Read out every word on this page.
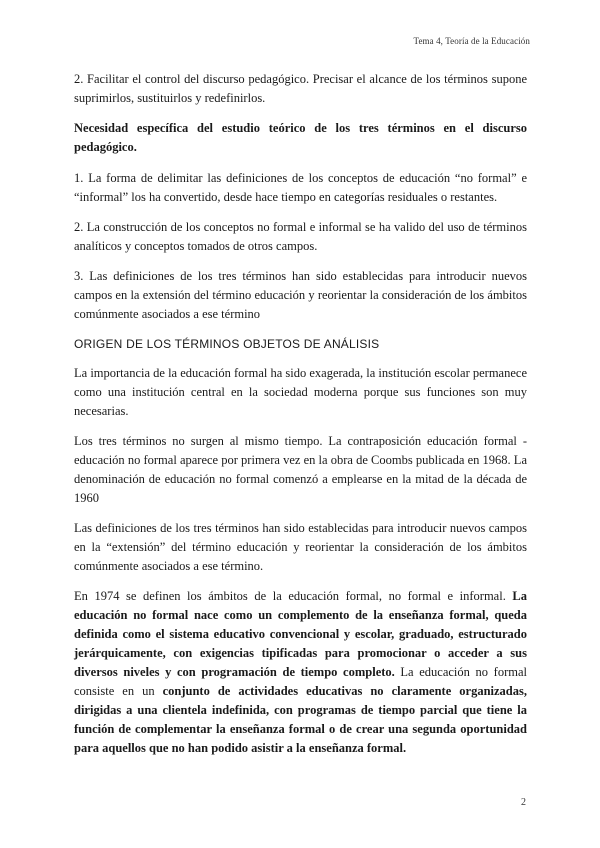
Tema 4, Teoría de la Educación

2. Facilitar el control del discurso pedagógico. Precisar el alcance de los términos supone suprimirlos, sustituirlos y redefinirlos.

Necesidad específica del estudio teórico de los tres términos en el discurso pedagógico.

1. La forma de delimitar las definiciones de los conceptos de educación “no formal” e “informal” los ha convertido, desde hace tiempo en categorías residuales o restantes.

2. La construcción de los conceptos no formal e informal se ha valido del uso de términos analíticos y conceptos tomados de otros campos.

3. Las definiciones de los tres términos han sido establecidas para introducir nuevos campos en la extensión del término educación y reorientar la consideración de los ámbitos comúnmente asociados a ese término

ORIGEN DE LOS TÉRMINOS OBJETOS DE ANÁLISIS

La importancia de la educación formal ha sido exagerada, la institución escolar permanece como una institución central en la sociedad moderna porque sus funciones son muy necesarias.

Los tres términos no surgen al mismo tiempo. La contraposición educación formal -educación no formal aparece por primera vez en la obra de Coombs publicada en 1968. La denominación de educación no formal comenzó a emplearse en la mitad de la década de 1960

Las definiciones de los tres términos han sido establecidas para introducir nuevos campos en la “extensión” del término educación y reorientar la consideración de los ámbitos comúnmente asociados a ese término.

En 1974 se definen los ámbitos de la educación formal, no formal e informal. La educación no formal nace como un complemento de la enseñanza formal, queda definida como el sistema educativo convencional y escolar, graduado, estructurado jerárquicamente, con exigencias tipificadas para promocionar o acceder a sus diversos niveles y con programación de tiempo completo. La educación no formal consiste en un conjunto de actividades educativas no claramente organizadas, dirigidas a una clientela indefinida, con programas de tiempo parcial que tiene la función de complementar la enseñanza formal o de crear una segunda oportunidad para aquellos que no han podido asistir a la enseñanza formal.

2
